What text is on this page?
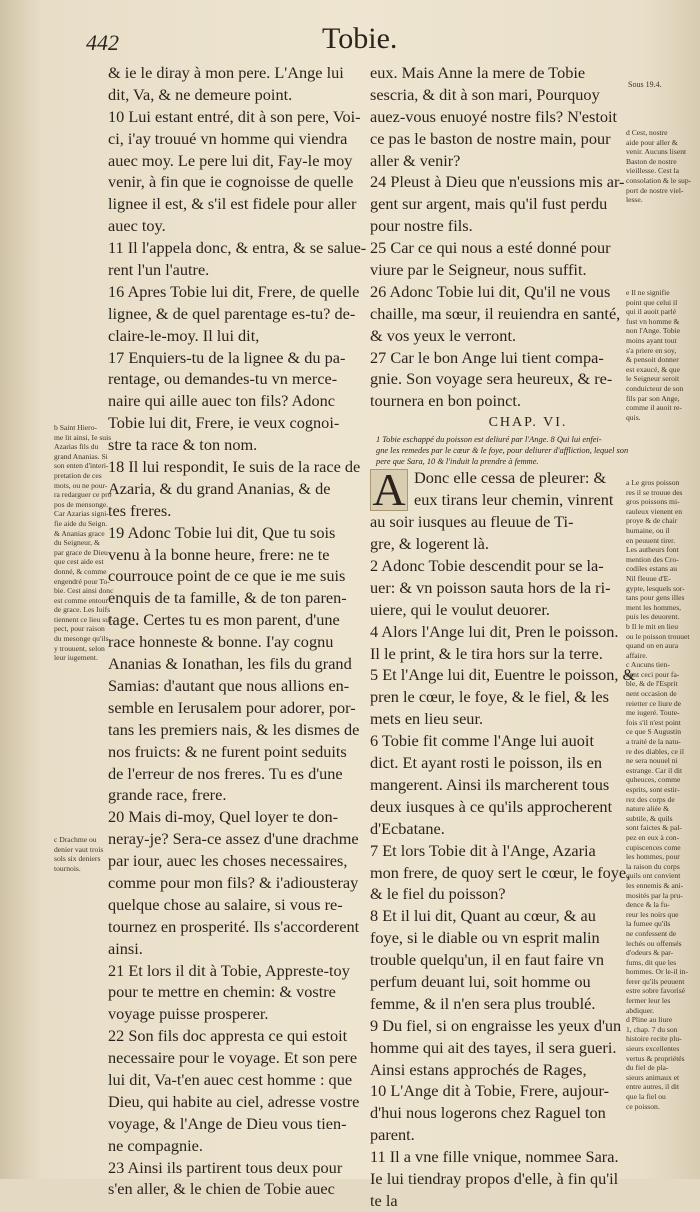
442	Tobie.
Sous 19.4.
b Saint Hiero-
me lit ainsi, Ie suis
Azarias fils du
grand Ananias. Si
son enten d'interi-
pretation de ces
mots, ou ne pour-
ra redarguer ce pro
pos de mensonge.
Car Azarias signi-
fie aide du Seign.
& Ananias grace
du Seigneur, &
par grace de Dieu
que cest aide est
donné, & comme
engendré pour To-
bie. Cest ainsi donc
est comme entour
de grace. Les Iuifs
tiennent ce lieu suf-
pect, pour raison
du mesonge qu'ils
y trouuent, selon
leur iugement.
c Drachme ou
denier vaut trois
sols six deniers
tournois.
& ie le diray à mon pere. L'Ange lui
dit, Va, & ne demeure point.
10 Lui estant entré, dit à son pere, Voi-
ci, i'ay trouué vn homme qui viendra
auec moy. Le pere lui dit, Fay-le moy
venir, à fin que ie cognoisse de quelle
lignee il est, & s'il est fidele pour aller
auec toy.
11 Il l'appela donc, & entra, & se salue-
rent l'un l'autre.
16 Apres Tobie lui dit, Frere, de quelle
lignee, & de quel parentage es-tu? de-
claire-le-moy. Il lui dit,
17 Enquiers-tu de la lignee & du pa-
rentage, ou demandes-tu vn merce-
naire qui aille auec ton fils? Adonc
Tobie lui dit, Frere, ie veux cognoi-
stre ta race & ton nom.
18 Il lui respondit, Ie suis de la race de
Azaria, & du grand Ananias, & de
tes freres.
19 Adonc Tobie lui dit, Que tu sois
venu à la bonne heure, frere: ne te
courrouce point de ce que ie me suis
enquis de ta famille, & de ton paren-
tage. Certes tu es mon parent, d'une
race honneste & bonne. I'ay cognu
Ananias & Ionathan, les fils du grand
Samias: d'autant que nous allions en-
semble en Ierusalem pour adorer, por-
tans les premiers nais, & les dismes de
nos fruicts: & ne furent point seduits
de l'erreur de nos freres. Tu es d'une
grande race, frere.
20 Mais di-moy, Quel loyer te don-
neray-je? Sera-ce assez d'une drachme
par iour, auec les choses necessaires,
comme pour mon fils? & i'adiousteray
quelque chose au salaire, si vous re-
tournez en prosperité. Ils s'accorderent
ainsi.
21 Et lors il dit à Tobie, Appreste-toy
pour te mettre en chemin: & vostre
voyage puisse prosperer.
22 Son fils doc appresta ce qui estoit
necessaire pour le voyage. Et son pere
lui dit, Va-t'en auec cest homme : que
Dieu, qui habite au ciel, adresse vostre
voyage, & l'Ange de Dieu vous tien-
ne compagnie.
23 Ainsi ils partirent tous deux pour
s'en aller, & le chien de Tobie auec
eux. Mais Anne la mere de Tobie
sescria, & dit à son mari, Pourquoy
auez-vous enuoyé nostre fils? N'estoit
ce pas le baston de nostre main, pour
aller & venir?
24 Pleust à Dieu que n'eussions mis ar-
gent sur argent, mais qu'il fust perdu
pour nostre fils.
25 Car ce qui nous a esté donné pour
viure par le Seigneur, nous suffit.
26 Adonc Tobie lui dit, Qu'il ne vous
chaille, ma sœur, il reuiendra en santé,
& vos yeux le verront.
27 Car le bon Ange lui tient compa-
gnie. Son voyage sera heureux, & re-
tournera en bon poinct.
CHAP. VI.
1 Tobie eschappé du poisson est deliuré par l'Ange. 8 Qui lui enfei-
gne les remedes par le cœur & le foye, pour deliurer d'affliction, lequel son
pere que Sara, 10 & l'induit la prendre à femme.
A Donc elle cessa de pleurer: &
eux tirans leur chemin, vinrent
au soir iusques au fleuue de Ti-
gre, & logerent là.
2 Adonc Tobie descendit pour se la-
uer: & vn poisson sauta hors de la ri-
uiere, qui le voulut deuorer.
4 Alors l'Ange lui dit, Pren le poisson.
Il le print, & le tira hors sur la terre.
5 Et l'Ange lui dit, Euentre le poisson, &
pren le cœur, le foye, & le fiel, & les
mets en lieu seur.
6 Tobie fit comme l'Ange lui auoit
dict. Et ayant rosti le poisson, ils en
mangerent. Ainsi ils marcherent tous
deux iusques à ce qu'ils approcherent
d'Ecbatane.
7 Et lors Tobie dit à l'Ange, Azaria
mon frere, de quoy sert le cœur, le foye,
& le fiel du poisson?
8 Et il lui dit, Quant au cœur, & au
foye, si le diable ou vn esprit malin
trouble quelqu'un, il en faut faire vn
perfum deuant lui, soit homme ou
femme, & il n'en sera plus troublé.
9 Du fiel, si on engraisse les yeux d'un
homme qui ait des tayes, il sera gueri.
Ainsi estans approchés de Rages,
10 L'Ange dit à Tobie, Frere, aujour-
d'hui nous logerons chez Raguel ton
parent.
11 Il a vne fille vnique, nommee Sara.
Ie lui tiendray propos d'elle, à fin qu'il
te la
d Cest, nostre
aide pour aller &
venir. Aucuns lisent
Baston de nostre
vieillesse. Cest la
consolation & le sup-
port de nostre viel-
lesse.
e Il ne signifie
point que celui il
qui il auoit parlé
fust vn homme &
non l'Ange. Tobie
moins ayant tout
s'a priere en soy,
& pensoit donner
est exaucé, & que
le Seigneur seroit
conduicteur de son
fils par son Ange,
comme il auoit re-
quis.
a Le gros poisson
res il se trouue des
gros poissons mi-
rauleux vienent en
proye & de chair
humaine, ou il
en peuuent tirer.
Les autheurs font
mention des Cro-
codiles estans au
Nil fleuue d'E-
gypte, lesquels sor-
tans pour gens illes
ment les hommes,
puis les deuorent.
b Il le mit en lieu
ou le poisson trouuet
quand on en aura
affaire.
c Aucuns tien-
nent ceci pour fa-
ble, & de l'Esprit
nent occasion de
reietter ce liure de
me iugeré. Toute-
fois s'il n'est point
ce que S Augustin
a traité de la natu-
re des diables, ce il
ne sera nouuel ni
estrange. Car il dit
quheuces, comme
esprits, sont estir-
rez des corps de
nature aliée &
subtile, & quils
sont faictes & pal-
pez en eux à con-
cupiscences come
les hommes, pour
la raison du corps
quils ont convient
les ennemis & ani-
mosités par la pru-
dence & la fu-
reur les noirs que
la fumee qu'ils
ne confessent de
lechés ou offensés
d'odeurs & par-
fums, dit que les
hommes. Or le-il in-
ferer qu'ils peuuent
estre sobre favorisé
fermer leur les
abdiquer.
d Pline au liure
1, chap. 7 du son
histoire recite plu-
sieurs excellentes
vertus & propriétés
du fiel de pla-
sieurs animaux et
entre autres, il dit
que la fiel ou
ce poisson.
